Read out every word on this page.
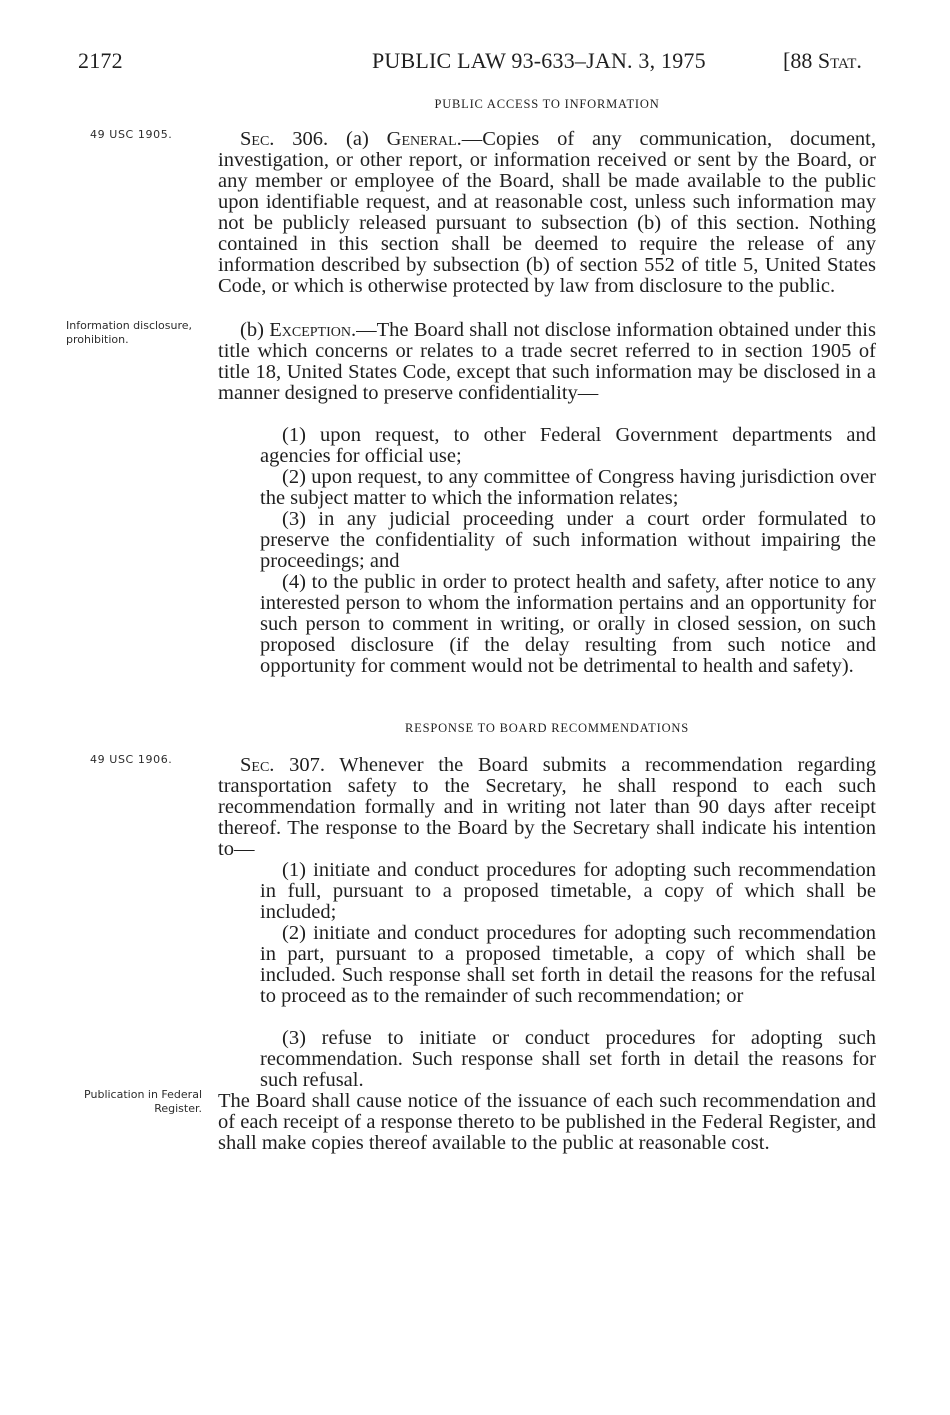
2172	PUBLIC LAW 93-633–JAN. 3, 1975	[88 Stat.
PUBLIC ACCESS TO INFORMATION
49 USC 1905.	Sec. 306. (a) General.—Copies of any communication, document, investigation, or other report, or information received or sent by the Board, or any member or employee of the Board, shall be made available to the public upon identifiable request, and at reasonable cost, unless such information may not be publicly released pursuant to subsection (b) of this section. Nothing contained in this section shall be deemed to require the release of any information described by subsection (b) of section 552 of title 5, United States Code, or which is otherwise protected by law from disclosure to the public.

Information disclosure, prohibition.	(b) Exception.—The Board shall not disclose information obtained under this title which concerns or relates to a trade secret referred to in section 1905 of title 18, United States Code, except that such information may be disclosed in a manner designed to preserve confidentiality—

(1) upon request, to other Federal Government departments and agencies for official use;

(2) upon request, to any committee of Congress having jurisdiction over the subject matter to which the information relates;

(3) in any judicial proceeding under a court order formulated to preserve the confidentiality of such information without impairing the proceedings; and

(4) to the public in order to protect health and safety, after notice to any interested person to whom the information pertains and an opportunity for such person to comment in writing, or orally in closed session, on such proposed disclosure (if the delay resulting from such notice and opportunity for comment would not be detrimental to health and safety).

RESPONSE TO BOARD RECOMMENDATIONS
49 USC 1906.	Sec. 307. Whenever the Board submits a recommendation regarding transportation safety to the Secretary, he shall respond to each such recommendation formally and in writing not later than 90 days after receipt thereof. The response to the Board by the Secretary shall indicate his intention to—

(1) initiate and conduct procedures for adopting such recommendation in full, pursuant to a proposed timetable, a copy of which shall be included;

(2) initiate and conduct procedures for adopting such recommendation in part, pursuant to a proposed timetable, a copy of which shall be included. Such response shall set forth in detail the reasons for the refusal to proceed as to the remainder of such recommendation; or

(3) refuse to initiate or conduct procedures for adopting such recommendation. Such response shall set forth in detail the reasons for such refusal.

Publication in Federal Register. The Board shall cause notice of the issuance of each such recommendation and of each receipt of a response thereto to be published in the Federal Register, and shall make copies thereof available to the public at reasonable cost.
